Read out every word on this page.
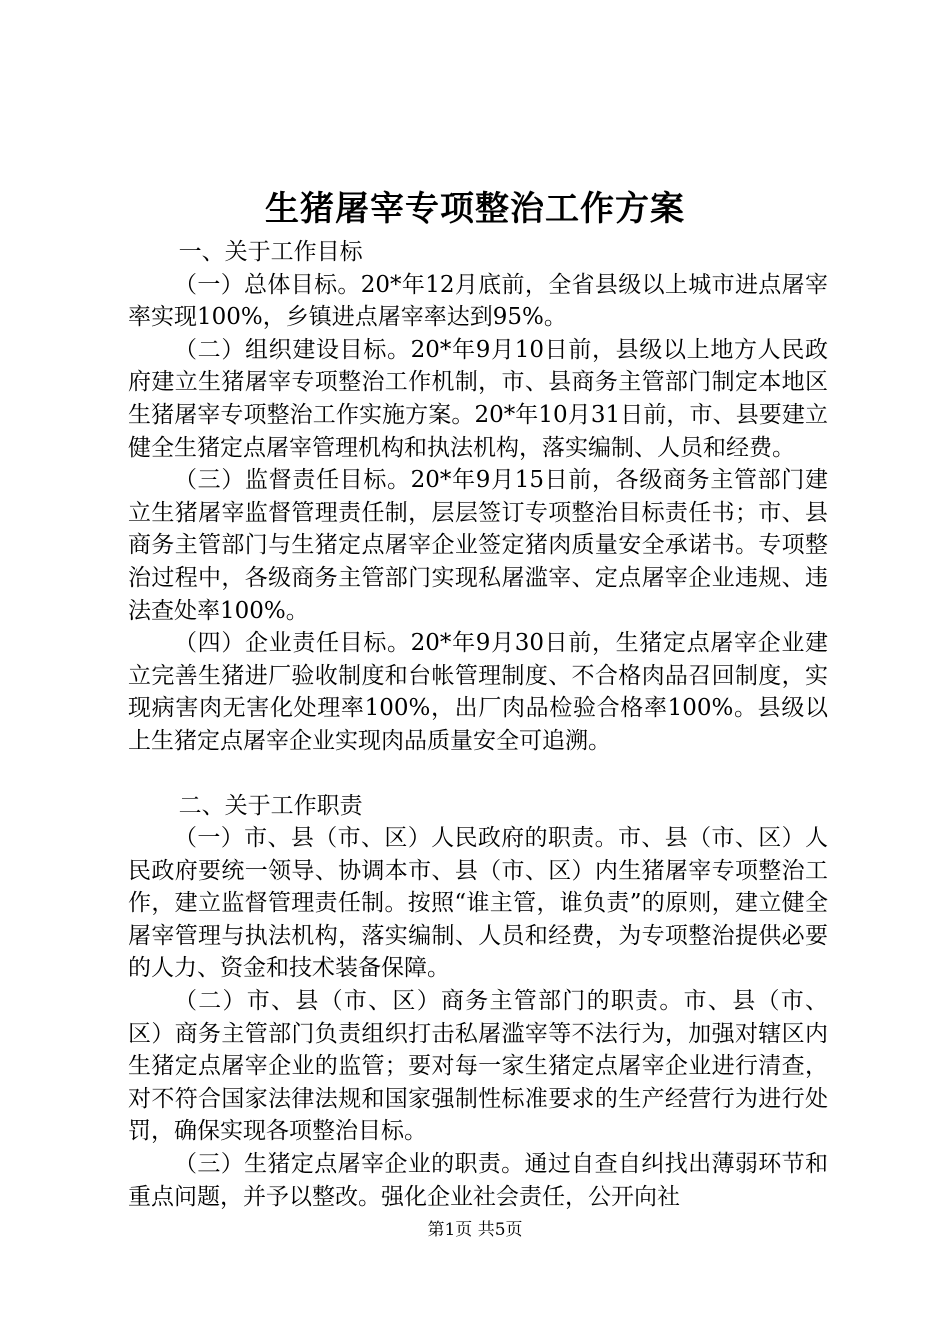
生猪屠宰专项整治工作方案

一、关于工作目标

（一）总体目标。20*年12月底前，全省县级以上城市进点屠宰率实现100%，乡镇进点屠宰率达到95%。

（二）组织建设目标。20*年9月10日前，县级以上地方人民政府建立生猪屠宰专项整治工作机制，市、县商务主管部门制定本地区生猪屠宰专项整治工作实施方案。20*年10月31日前，市、县要建立健全生猪定点屠宰管理机构和执法机构，落实编制、人员和经费。

（三）监督责任目标。20*年9月15日前，各级商务主管部门建立生猪屠宰监督管理责任制，层层签订专项整治目标责任书；市、县商务主管部门与生猪定点屠宰企业签定猪肉质量安全承诺书。专项整治过程中，各级商务主管部门实现私屠滥宰、定点屠宰企业违规、违法查处率100%。

（四）企业责任目标。20*年9月30日前，生猪定点屠宰企业建立完善生猪进厂验收制度和台帐管理制度、不合格肉品召回制度，实现病害肉无害化处理率100%，出厂肉品检验合格率100%。县级以上生猪定点屠宰企业实现肉品质量安全可追溯。

二、关于工作职责

（一）市、县（市、区）人民政府的职责。市、县（市、区）人民政府要统一领导、协调本市、县（市、区）内生猪屠宰专项整治工作，建立监督管理责任制。按照“谁主管，谁负责”的原则，建立健全屠宰管理与执法机构，落实编制、人员和经费，为专项整治提供必要的人力、资金和技术装备保障。

（二）市、县（市、区）商务主管部门的职责。市、县（市、区）商务主管部门负责组织打击私屠滥宰等不法行为，加强对辖区内生猪定点屠宰企业的监管；要对每一家生猪定点屠宰企业进行清查，对不符合国家法律法规和国家强制性标准要求的生产经营行为进行处罚，确保实现各项整治目标。

（三）生猪定点屠宰企业的职责。通过自查自纠找出薄弱环节和重点问题，并予以整改。强化企业社会责任，公开向社

第1页 共5页
